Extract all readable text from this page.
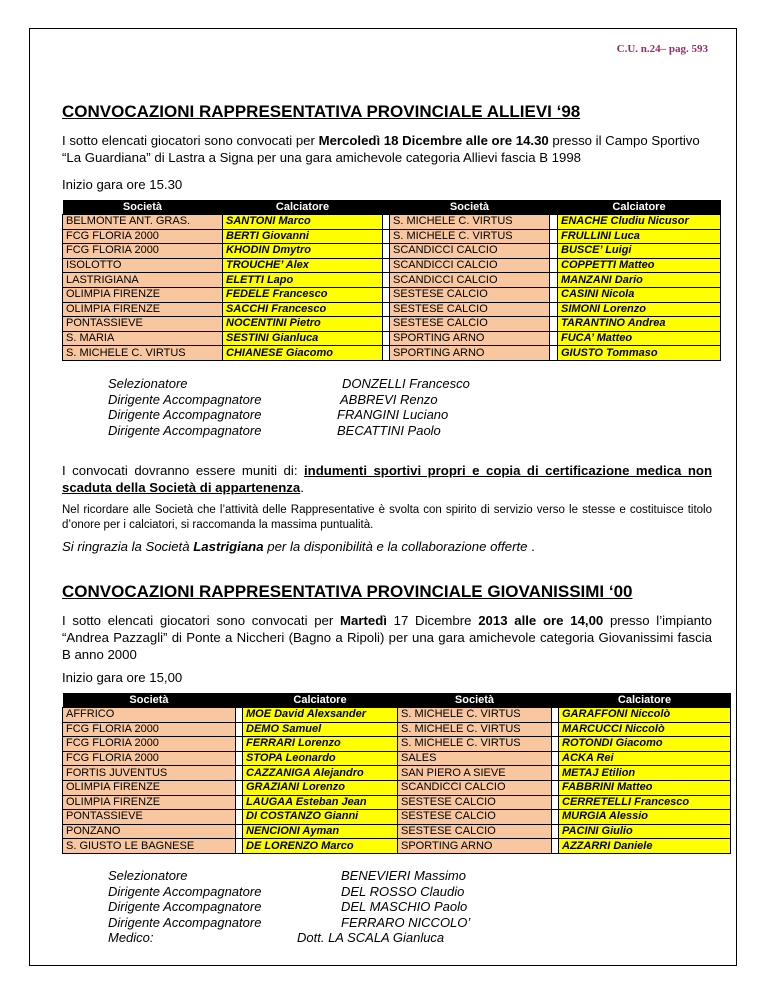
C.U. n.24– pag. 593
CONVOCAZIONI RAPPRESENTATIVA PROVINCIALE ALLIEVI ‘98

I sotto elencati giocatori sono convocati per Mercoledì 18 Dicembre alle ore 14.30 presso il Campo Sportivo “La Guardiana” di Lastra a Signa per una gara amichevole categoria Allievi fascia B 1998

Inizio gara ore 15.30

Società	Calciatore		Società		Calciatore
BELMONTE ANT. GRAS.	SANTONI Marco		S. MICHELE C. VIRTUS		ENACHE Cludiu Nicusor
FCG FLORIA 2000	BERTI Giovanni		S. MICHELE C. VIRTUS		FRULLINI Luca
FCG FLORIA 2000	KHODIN Dmytro		SCANDICCI CALCIO		BUSCE’ Luigi
ISOLOTTO	TROUCHE’ Alex		SCANDICCI CALCIO		COPPETTI Matteo
LASTRIGIANA	ELETTI Lapo		SCANDICCI CALCIO		MANZANI Dario
OLIMPIA FIRENZE	FEDELE Francesco		SESTESE CALCIO		CASINI Nicola
OLIMPIA FIRENZE	SACCHI Francesco		SESTESE CALCIO		SIMONI Lorenzo
PONTASSIEVE	NOCENTINI Pietro		SESTESE CALCIO		TARANTINO Andrea
S. MARIA	SESTINI Gianluca		SPORTING ARNO		FUCA’ Matteo
S. MICHELE C. VIRTUS	CHIANESE Giacomo		SPORTING ARNO		GIUSTO Tommaso
Selezionatore	DONZELLI Francesco
Dirigente Accompagnatore	ABBREVI Renzo
Dirigente Accompagnatore	FRANGINI Luciano
Dirigente Accompagnatore	BECATTINI Paolo

I convocati dovranno essere muniti di: indumenti sportivi propri e copia di certificazione medica non scaduta della Società di appartenenza.

Nel ricordare alle Società che l’attività delle Rappresentative è svolta con spirito di servizio verso le stesse e costituisce titolo d’onore per i calciatori, si raccomanda la massima puntualità.

Si ringrazia la Società Lastrigiana per la disponibilità e la collaborazione offerte .

CONVOCAZIONI RAPPRESENTATIVA PROVINCIALE GIOVANISSIMI ‘00

I sotto elencati giocatori sono convocati per Martedì 17 Dicembre 2013 alle ore 14,00 presso l’impianto “Andrea Pazzagli” di Ponte a Niccheri (Bagno a Ripoli) per una gara amichevole categoria Giovanissimi fascia B anno 2000

Inizio gara ore 15,00

Società		Calciatore	Società		Calciatore
AFFRICO		MOE David Alexsander	S. MICHELE C. VIRTUS		GARAFFONI Niccolò
FCG FLORIA 2000		DEMO Samuel	S. MICHELE C. VIRTUS		MARCUCCI Niccolò
FCG FLORIA 2000		FERRARI Lorenzo	S. MICHELE C. VIRTUS		ROTONDI Giacomo
FCG FLORIA 2000		STOPA Leonardo	SALES		ACKA Rei
FORTIS JUVENTUS		CAZZANIGA Alejandro	SAN PIERO A SIEVE		METAJ Etilion
OLIMPIA FIRENZE		GRAZIANI Lorenzo	SCANDICCI CALCIO		FABBRINI Matteo
OLIMPIA FIRENZE		LAUGAA Esteban Jean	SESTESE CALCIO		CERRETELLI Francesco
PONTASSIEVE		DI COSTANZO Gianni	SESTESE CALCIO		MURGIA Alessio
PONZANO		NENCIONI Ayman	SESTESE CALCIO		PACINI Giulio
S. GIUSTO LE BAGNESE		DE LORENZO Marco	SPORTING ARNO		AZZARRI Daniele
Selezionatore	BENEVIERI Massimo
Dirigente Accompagnatore	DEL ROSSO Claudio
Dirigente Accompagnatore	DEL MASCHIO Paolo
Dirigente Accompagnatore	FERRARO NICCOLO’
Medico:	Dott. LA SCALA Gianluca
